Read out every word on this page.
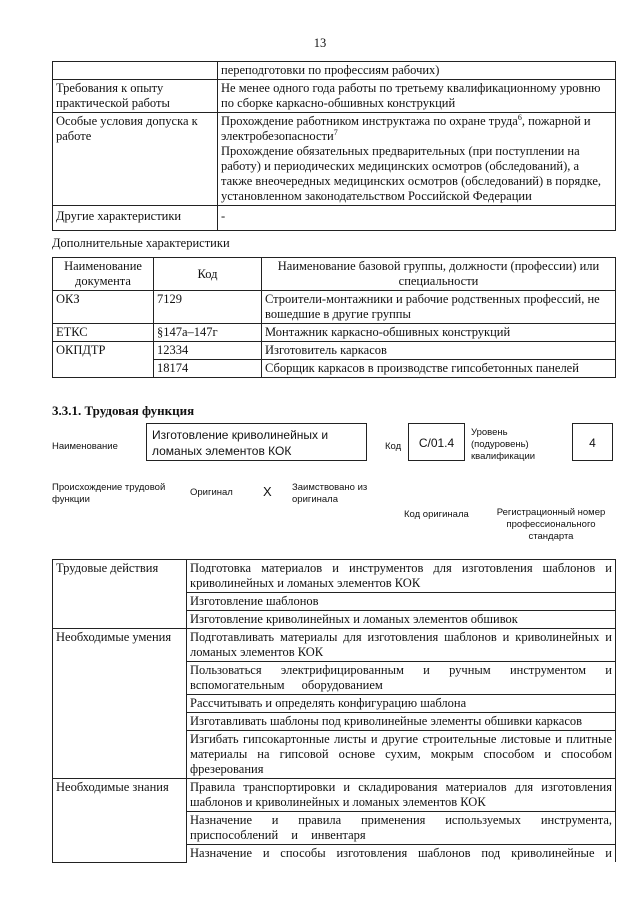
13
	переподготовки по профессиям рабочих)
Требования к опыту практической работы	Не менее одного года работы по третьему квалификационному уровню по сборке каркасно-обшивных конструкций
Особые условия допуска к работе	Прохождение работником инструктажа по охране труда$^6$, пожарной и электробезопасности$^7$
Прохождение обязательных предварительных (при поступлении на работу) и периодических медицинских осмотров (обследований), а также внеочередных медицинских осмотров (обследований) в порядке, установленном законодательством Российской Федерации
Другие характеристики	-
Дополнительные характеристики
Наименование документа	Код	Наименование базовой группы, должности (профессии) или специальности
ОКЗ	7129	Строители-монтажники и рабочие родственных профессий, не вошедшие в другие группы
ЕТКС	§147а–147г	Монтажник каркасно-обшивных конструкций
ОКПДТР	12334	Изготовитель каркасов
	18174	Сборщик каркасов в производстве гипсобетонных панелей
3.3.1. Трудовая функция
Наименование
Изготовление криволинейных и ломаных элементов КОК	Код	С/01.4
Уровень (подуровень) квалификации
4
Происхождение трудовой функции
Оригинал X Заимствовано из оригинала
Код оригинала	Регистрационный номер профессионального стандарта
Трудовые действия	Подготовка материалов и инструментов для изготовления шаблонов и криволинейных и ломаных элементов КОК
	Изготовление шаблонов
	Изготовление криволинейных и ломаных элементов обшивок
Необходимые умения	Подготавливать материалы для изготовления шаблонов и криволинейных и ломаных элементов КОК
	Пользоваться электрифицированным и ручным инструментом и вспомогательным оборудованием
	Рассчитывать и определять конфигурацию шаблона
	Изготавливать шаблоны под криволинейные элементы обшивки каркасов
	Изгибать гипсокартонные листы и другие строительные листовые и плитные материалы на гипсовой основе сухим, мокрым способом и способом фрезерования
Необходимые знания	Правила транспортировки и складирования материалов для изготовления шаблонов и криволинейных и ломаных элементов КОК
	Назначение и правила применения используемых инструмента, приспособлений и инвентаря
	Назначение и способы изготовления шаблонов под криволинейные и
